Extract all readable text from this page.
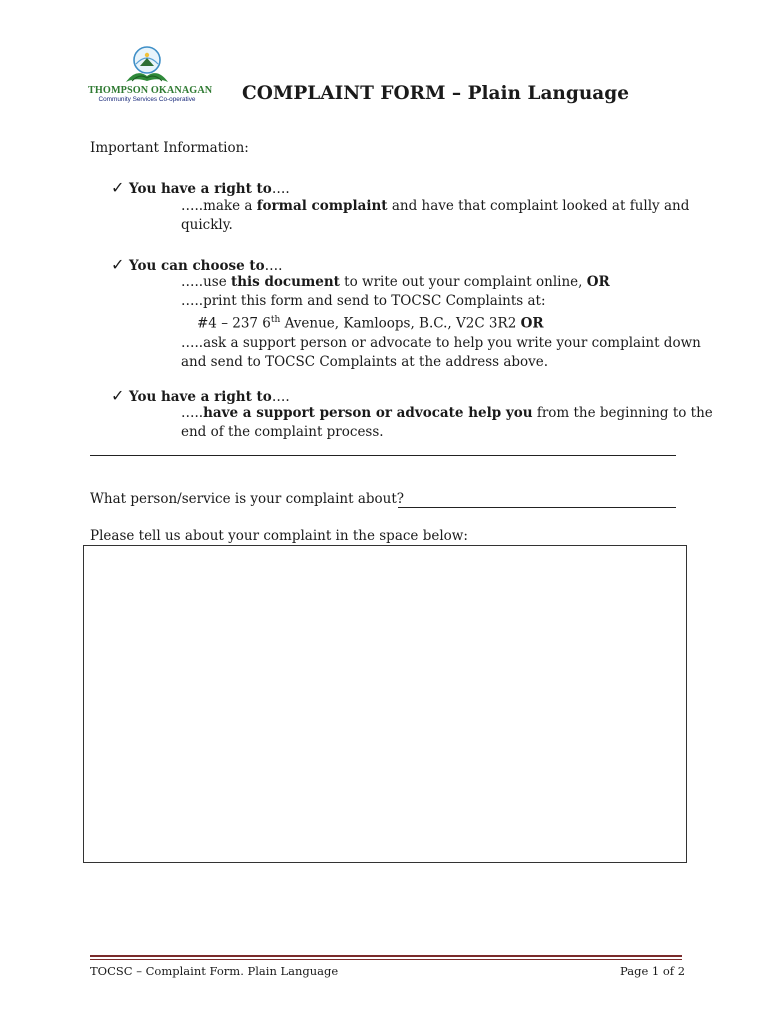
THOMPSON OKANAGAN
Community Services Co-operative	COMPLAINT FORM – Plain Language
Important Information:
✓ You have a right to….
…..make a formal complaint and have that complaint looked at fully and
quickly.
✓ You can choose to….
…..use this document to write out your complaint online, OR
…..print this form and send to TOCSC Complaints at:
#4 – 237 6th Avenue, Kamloops, B.C., V2C 3R2 OR
…..ask a support person or advocate to help you write your complaint down
and send to TOCSC Complaints at the address above.
✓ You have a right to….
…..have a support person or advocate help you from the beginning to the
end of the complaint process.
What person/service is your complaint about?
Please tell us about your complaint in the space below:
TOCSC – Complaint Form. Plain Language	Page 1 of 2
